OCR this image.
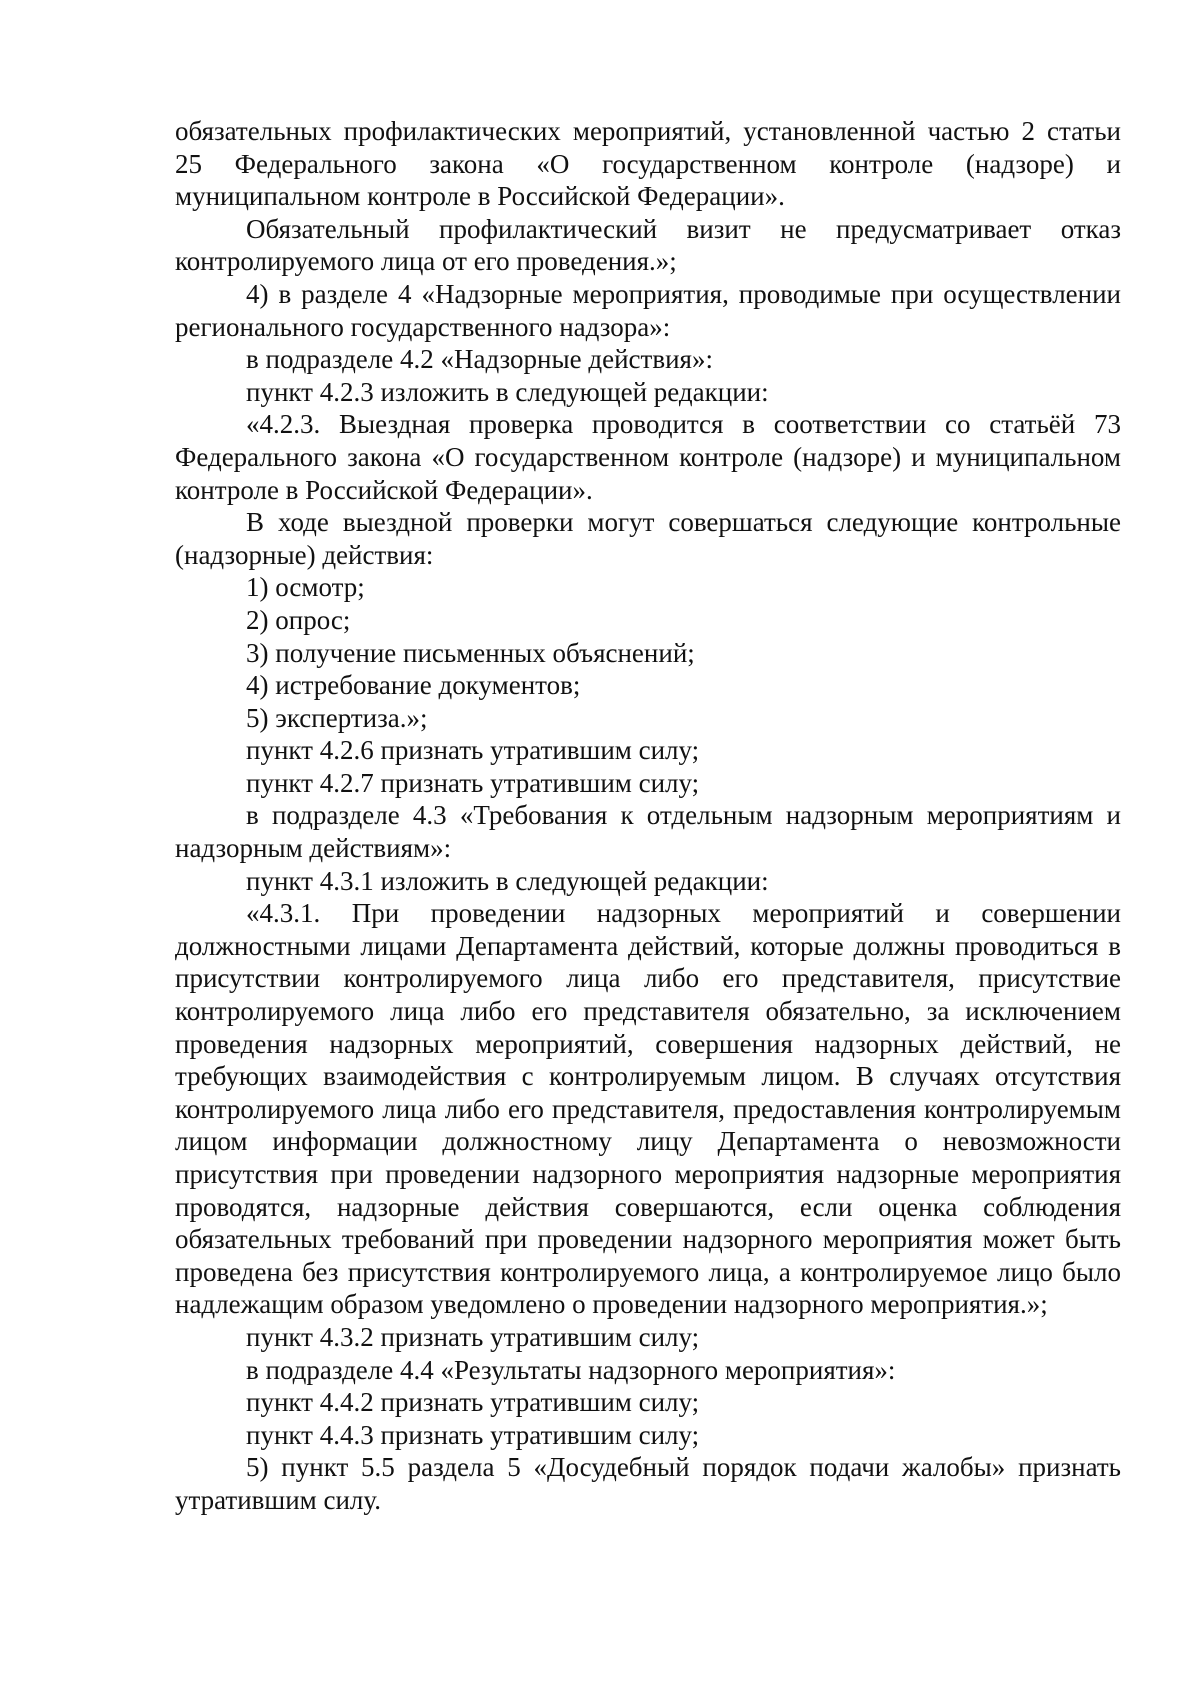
обязательных профилактических мероприятий, установленной частью 2 статьи 25 Федерального закона «О государственном контроле (надзоре) и муниципальном контроле в Российской Федерации».

Обязательный профилактический визит не предусматривает отказ контролируемого лица от его проведения.»;

4) в разделе 4 «Надзорные мероприятия, проводимые при осуществлении регионального государственного надзора»:

в подразделе 4.2 «Надзорные действия»:

пункт 4.2.3 изложить в следующей редакции:

«4.2.3. Выездная проверка проводится в соответствии со статьёй 73 Федерального закона «О государственном контроле (надзоре) и муниципальном контроле в Российской Федерации».

В ходе выездной проверки могут совершаться следующие контрольные (надзорные) действия:

1) осмотр;

2) опрос;

3) получение письменных объяснений;

4) истребование документов;

5) экспертиза.»;

пункт 4.2.6 признать утратившим силу;

пункт 4.2.7 признать утратившим силу;

в подразделе 4.3 «Требования к отдельным надзорным мероприятиям и надзорным действиям»:

пункт 4.3.1 изложить в следующей редакции:

«4.3.1. При проведении надзорных мероприятий и совершении должностными лицами Департамента действий, которые должны проводиться в присутствии контролируемого лица либо его представителя, присутствие контролируемого лица либо его представителя обязательно, за исключением проведения надзорных мероприятий, совершения надзорных действий, не требующих взаимодействия с контролируемым лицом. В случаях отсутствия контролируемого лица либо его представителя, предоставления контролируемым лицом информации должностному лицу Департамента о невозможности присутствия при проведении надзорного мероприятия надзорные мероприятия проводятся, надзорные действия совершаются, если оценка соблюдения обязательных требований при проведении надзорного мероприятия может быть проведена без присутствия контролируемого лица, а контролируемое лицо было надлежащим образом уведомлено о проведении надзорного мероприятия.»;

пункт 4.3.2 признать утратившим силу;

в подразделе 4.4 «Результаты надзорного мероприятия»:

пункт 4.4.2 признать утратившим силу;

пункт 4.4.3 признать утратившим силу;

5) пункт 5.5 раздела 5 «Досудебный порядок подачи жалобы» признать утратившим силу.
